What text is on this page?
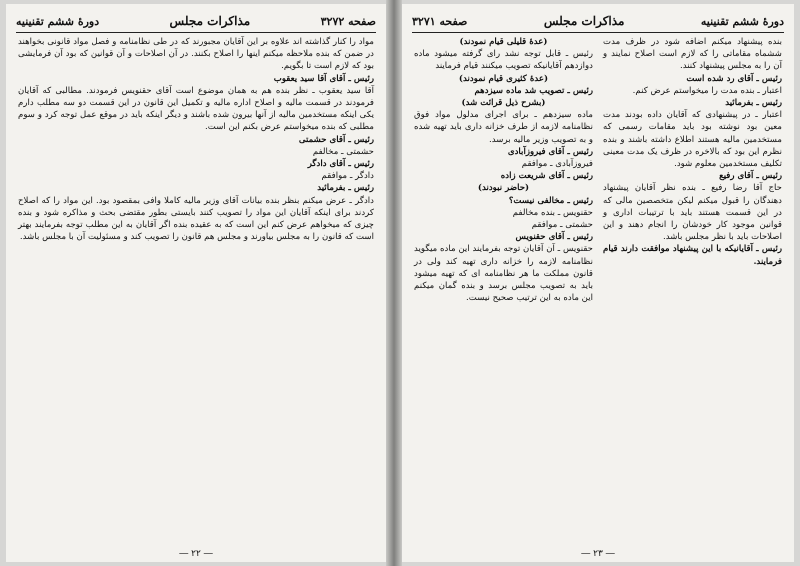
صفحه ۳۲۷۲
مذاکرات مجلس
دورهٔ ششم تقنینیه

مواد را کنار گذاشته اند علاوه بر این آقایان مجبورند که در طی نظامنامه و فصل مواد قانونی بخواهند در ضمن که بنده ملاحظه میکنم اینها را اصلاح بکنند. در آن اصلاحات و آن قوانین که بود آن فرمایشی بود که لازم است تا بگویم.

رئیس ـ آقای آقا سید یعقوب

آقا سید یعقوب ـ نظر بنده هم به همان موضوع است آقای حقنویس فرمودند. مطالبی که آقایان فرمودند در قسمت مالیه و اصلاح اداره مالیه و تکمیل این قانون در این قسمت دو سه مطلب دارم یکی اینکه مستخدمین مالیه از آنها بیرون شده باشند و دیگر اینکه باید در موقع عمل توجه کرد و سوم مطلبی که بنده میخواستم عرض بکنم این است.

رئیس ـ آقای حشمتی

حشمتی ـ مخالفم

رئیس ـ آقای دادگر

دادگر ـ موافقم

رئیس ـ بفرمائید

دادگر ـ عرض میکنم بنظر بنده بیانات آقای وزیر مالیه کاملا وافی بمقصود بود. این مواد را که اصلاح کردند برای اینکه آقایان این مواد را تصویب کنند بایستی بطور مقتضی بحث و مذاکره شود و بنده چیزی که میخواهم عرض کنم این است که به عقیده بنده اگر آقایان به این مطلب توجه بفرمایند بهتر است که قانون را به مجلس بیاورند و مجلس هم قانون را تصویب کند و مسئولیت آن با مجلس باشد.

― ۲۲ ―
دورهٔ ششم تقنینیه
مذاکرات مجلس
صفحه ۳۲۷۱

بنده پیشنهاد میکنم اضافه شود در ظرف مدت ششماه مقاماتی را که لازم است اصلاح نمایند و آن را به مجلس پیشنهاد کنند.

رئیس ـ آقای رد شده است

اعتبار ـ بنده مدت را میخواستم عرض کنم.

رئیس ـ بفرمائید

اعتبار ـ در پیشنهادی که آقایان داده بودند مدت معین بود نوشته بود باید مقامات رسمی که مستخدمین مالیه هستند اطلاع داشته باشند و بنده نظرم این بود که بالاخره در ظرف یک مدت معینی تکلیف مستخدمین معلوم شود.

رئیس ـ آقای رفیع

حاج آقا رضا رفیع ـ بنده نظر آقایان پیشنهاد دهندگان را قبول میکنم لیکن متخصصین مالی که در این قسمت هستند باید با ترتیبات اداری و قوانین موجود کار خودشان را انجام دهند و این اصلاحات باید با نظر مجلس باشد.

رئیس ـ آقایانیکه با این پیشنهاد موافقت دارند قیام فرمایند.

(عدهٔ قلیلی قیام نمودند)

رئیس ـ قابل توجه نشد رای گرفته میشود ماده دوازدهم آقایانیکه تصویب میکنند قیام فرمایند

(عدهٔ کثیری قیام نمودند)

رئیس ـ تصویب شد ماده سیزدهم

(بشرح ذیل قرائت شد)

ماده سیزدهم ـ برای اجرای مدلول مواد فوق نظامنامه لازمه از طرف خزانه داری باید تهیه شده و به تصویب وزیر مالیه برسد.

رئیس ـ آقای فیروزآبادی

فیروزآبادی ـ موافقم

رئیس ـ آقای شریعت زاده

(حاضر نبودند)

رئیس ـ مخالفی نیست؟

حقنویس ـ بنده مخالفم

حشمتی ـ موافقم

رئیس ـ آقای حقنویس

حقنویس ـ آن آقایان توجه بفرمایند این ماده میگوید نظامنامه لازمه را خزانه داری تهیه کند ولی در قانون مملکت ما هر نظامنامه ای که تهیه میشود باید به تصویب مجلس برسد و بنده گمان میکنم این ماده به این ترتیب صحیح نیست.

― ۲۳ ―
